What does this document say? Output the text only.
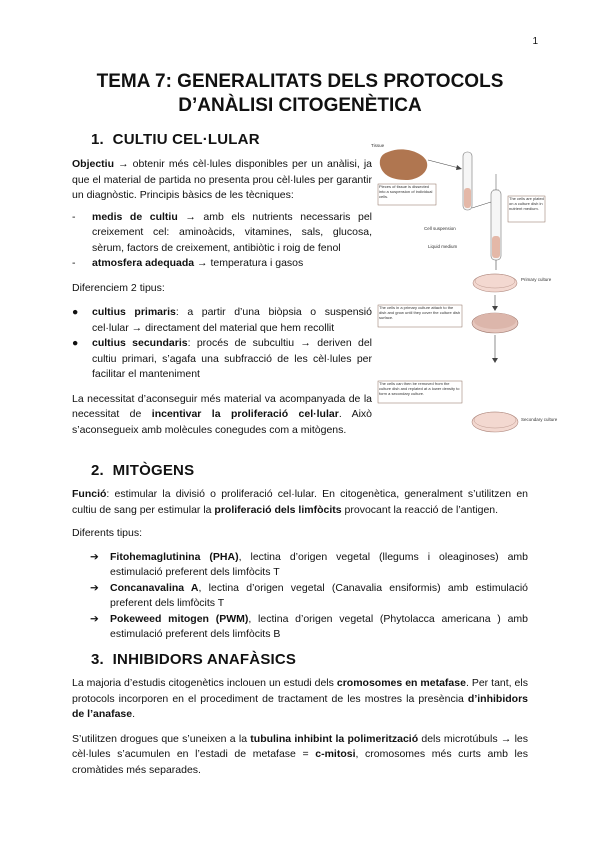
1
TEMA 7: GENERALITATS DELS PROTOCOLS
D’ANÀLISI CITOGENÈTICA
1. CULTIU CEL·LULAR
Objectiu → obtenir més cèl·lules disponibles per un anàlisi, ja que el material de partida no presenta prou cèl·lules per garantir un diagnòstic. Principis bàsics de les tècniques:
- medis de cultiu → amb els nutrients necessaris pel creixement cel: aminoàcids, vitamines, sals, glucosa, sèrum, factors de creixement, antibiòtic i roig de fenol
- atmosfera adequada → temperatura i gasos
Diferenciem 2 tipus:
● cultius primaris: a partir d’una biòpsia o suspensió cel·lular → directament del material que hem recollit
● cultius secundaris: procés de subcultiu → deriven del cultiu primari, s’agafa una subfracció de les cèl·lules per facilitar el manteniment
La necessitat d’aconseguir més material va acompanyada de la necessitat de incentivar la proliferació cel·lular. Això s’aconsegueix amb molècules conegudes com a mitògens.
Tissue
Pieces of tissue is dissected into a suspension of individual cells.	The cells are plated on a culture dish in nutrient medium.
Cell suspension
Liquid medium
Primary culture
The cells in a primary culture attach to the dish and grow until they cover the culture dish surface.
The cells can then be removed from the culture dish and replated at a lower density to form a secondary culture.
Secondary culture
2. MITÒGENS
Funció: estimular la divisió o proliferació cel·lular. En citogenètica, generalment s’utilitzen en cultiu de sang per estimular la proliferació dels limfòcits provocant la reacció de l’antigen.
Diferents tipus:
➔ Fitohemaglutinina (PHA), lectina d’origen vegetal (llegums i oleaginoses) amb estimulació preferent dels limfòcits T
➔ Concanavalina A, lectina d’origen vegetal (Canavalia ensiformis) amb estimulació preferent dels limfòcits T
➔ Pokeweed mitogen (PWM), lectina d’origen vegetal (Phytolacca americana ) amb estimulació preferent dels limfòcits B
3. INHIBIDORS ANAFÀSICS
La majoria d’estudis citogenètics inclouen un estudi dels cromosomes en metafase. Per tant, els protocols incorporen en el procediment de tractament de les mostres la presència d’inhibidors de l’anafase.
S’utilitzen drogues que s’uneixen a la tubulina inhibint la polimerització dels microtúbuls → les cèl·lules s’acumulen en l’estadi de metafase = c-mitosi, cromosomes més curts amb les cromàtides més separades.
